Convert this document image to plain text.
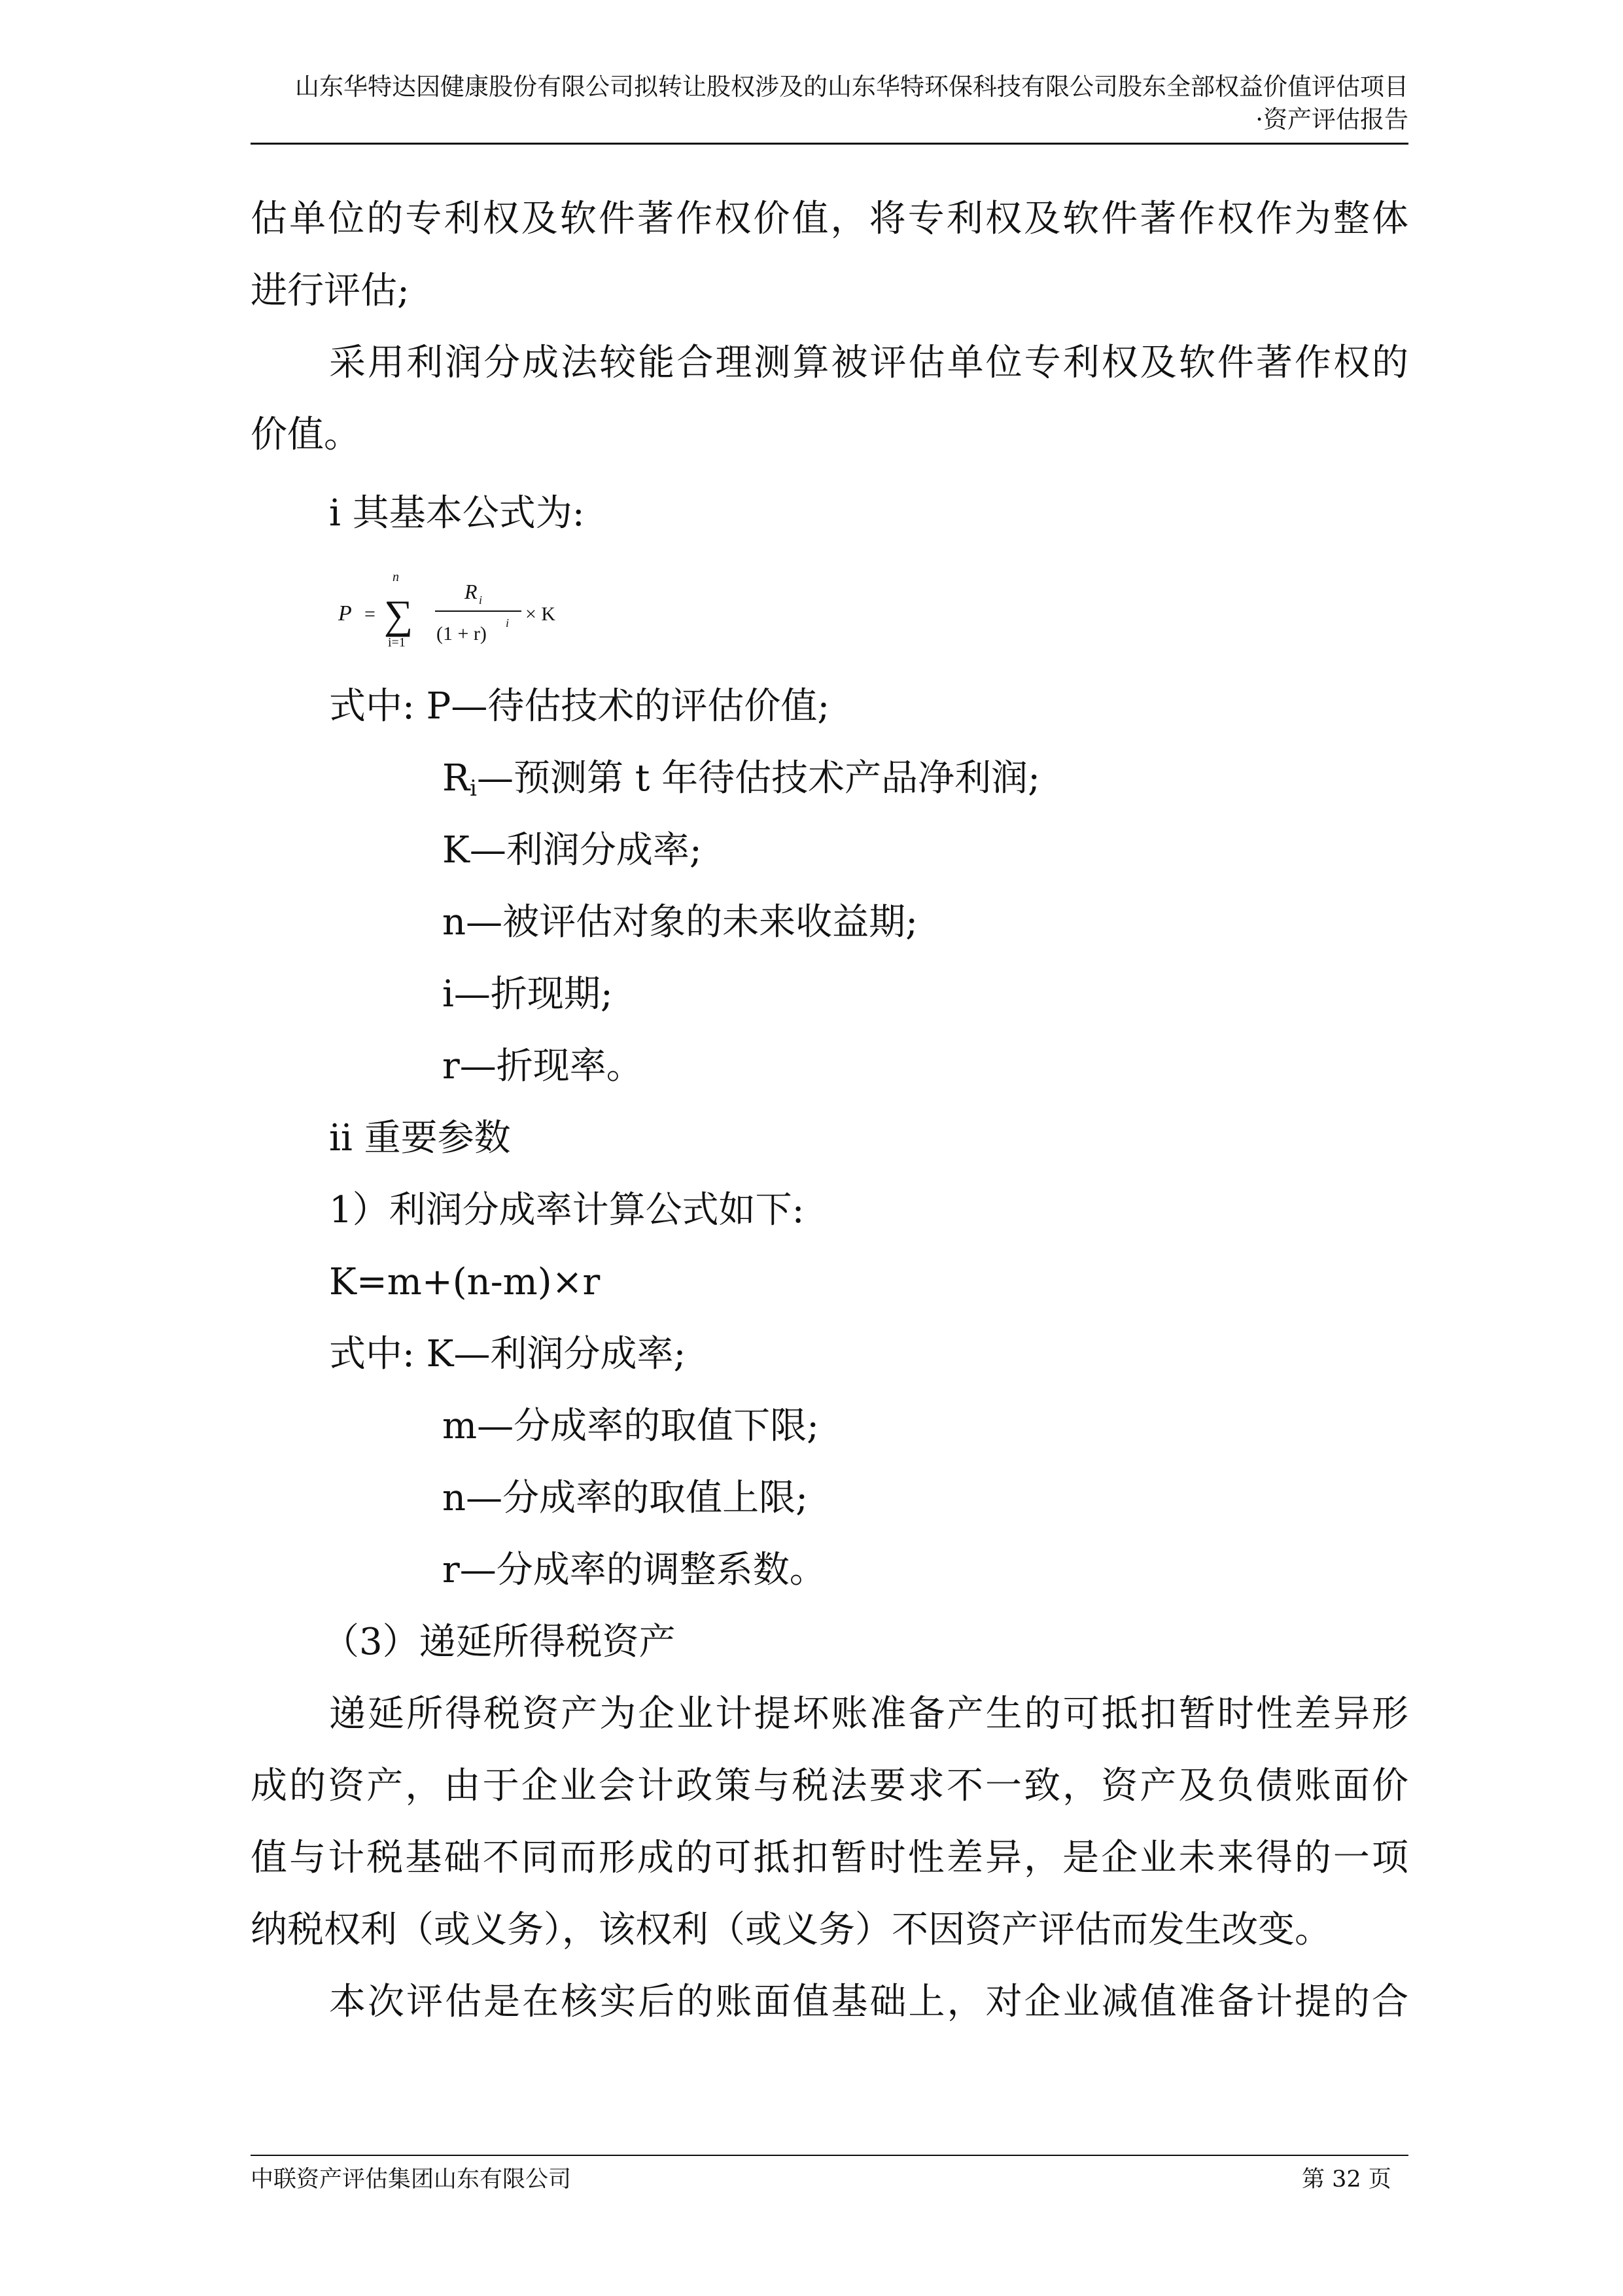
山东华特达因健康股份有限公司拟转让股权涉及的山东华特环保科技有限公司股东全部权益价值评估项目
·资产评估报告
估单位的专利权及软件著作权价值，将专利权及软件著作权作为整体
进行评估;
采用利润分成法较能合理测算被评估单位专利权及软件著作权的
价值。
i 其基本公式为:
式中: P—待估技术的评估价值;
$R_i—$预测第 t 年待估技术产品净利润;
K—利润分成率;
n—被评估对象的未来收益期;
i—折现期;
r—折现率。
ii 重要参数
1）利润分成率计算公式如下:
K=m+(n-m)×r
式中: K—利润分成率;
m—分成率的取值下限;
n—分成率的取值上限;
r—分成率的调整系数。
（3）递延所得税资产
递延所得税资产为企业计提坏账准备产生的可抵扣暂时性差异形
成的资产，由于企业会计政策与税法要求不一致，资产及负债账面价
值与计税基础不同而形成的可抵扣暂时性差异，是企业未来得的一项
纳税权利（或义务），该权利（或义务）不因资产评估而发生改变。
本次评估是在核实后的账面值基础上，对企业减值准备计提的合
P =
n
∑
i=1
R i
(1 + r) i × K
中联资产评估集团山东有限公司	第 32 页
